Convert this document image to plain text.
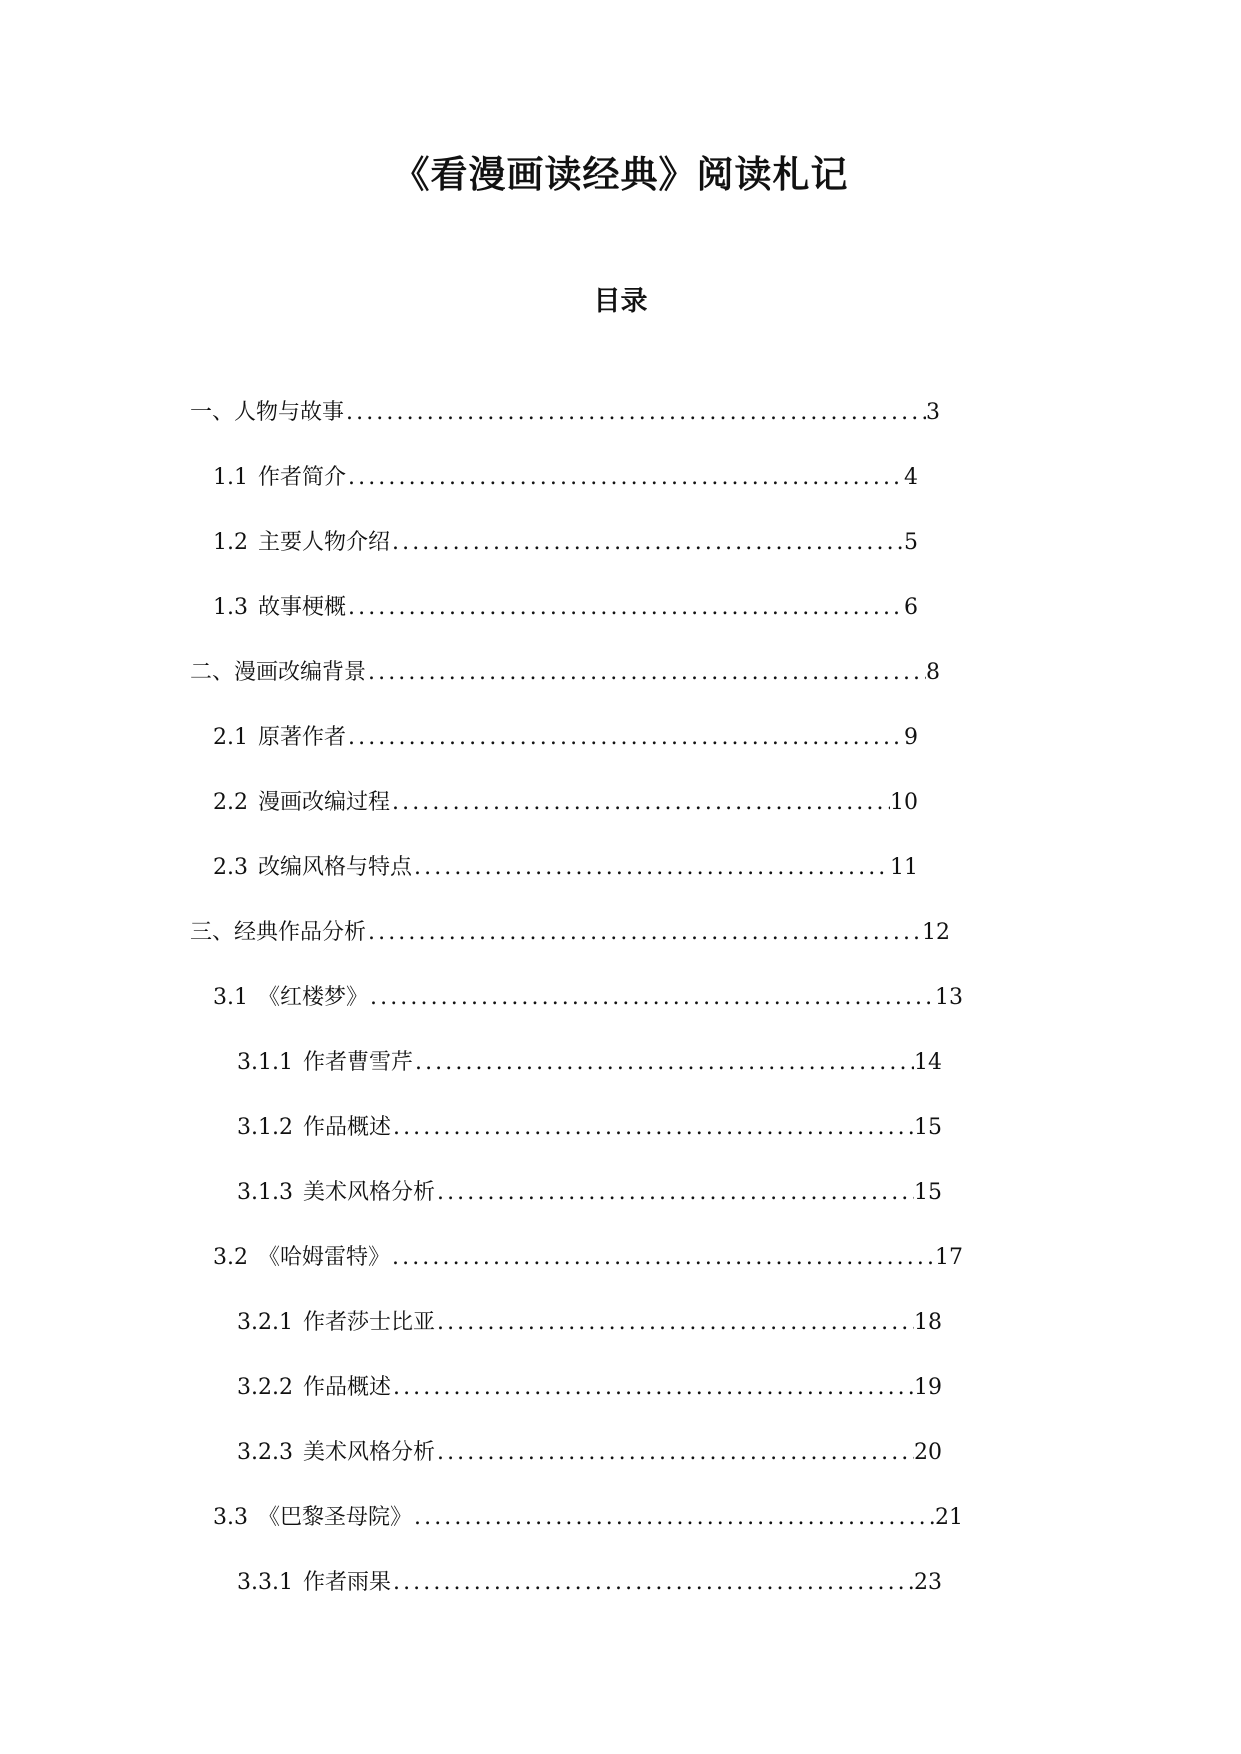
《看漫画读经典》阅读札记
目录
一、 人物与故事 .....	3
1.1 作者简介 .....	4
1.2 主要人物介绍 .....	5
1.3 故事梗概 .....	6
二、 漫画改编背景 .....	8
2.1 原著作者 .....	9
2.2 漫画改编过程 .....	10
2.3 改编风格与特点 .....	11
三、 经典作品分析 .....	12
3.1 《红楼梦》 .....	13
3.1.1 作者曹雪芹 .....	14
3.1.2 作品概述 .....	15
3.1.3 美术风格分析 .....	15
3.2 《哈姆雷特》 .....	17
3.2.1 作者莎士比亚 .....	18
3.2.2 作品概述 .....	19
3.2.3 美术风格分析 .....	20
3.3 《巴黎圣母院》 .....	21
3.3.1 作者雨果 .....	23
